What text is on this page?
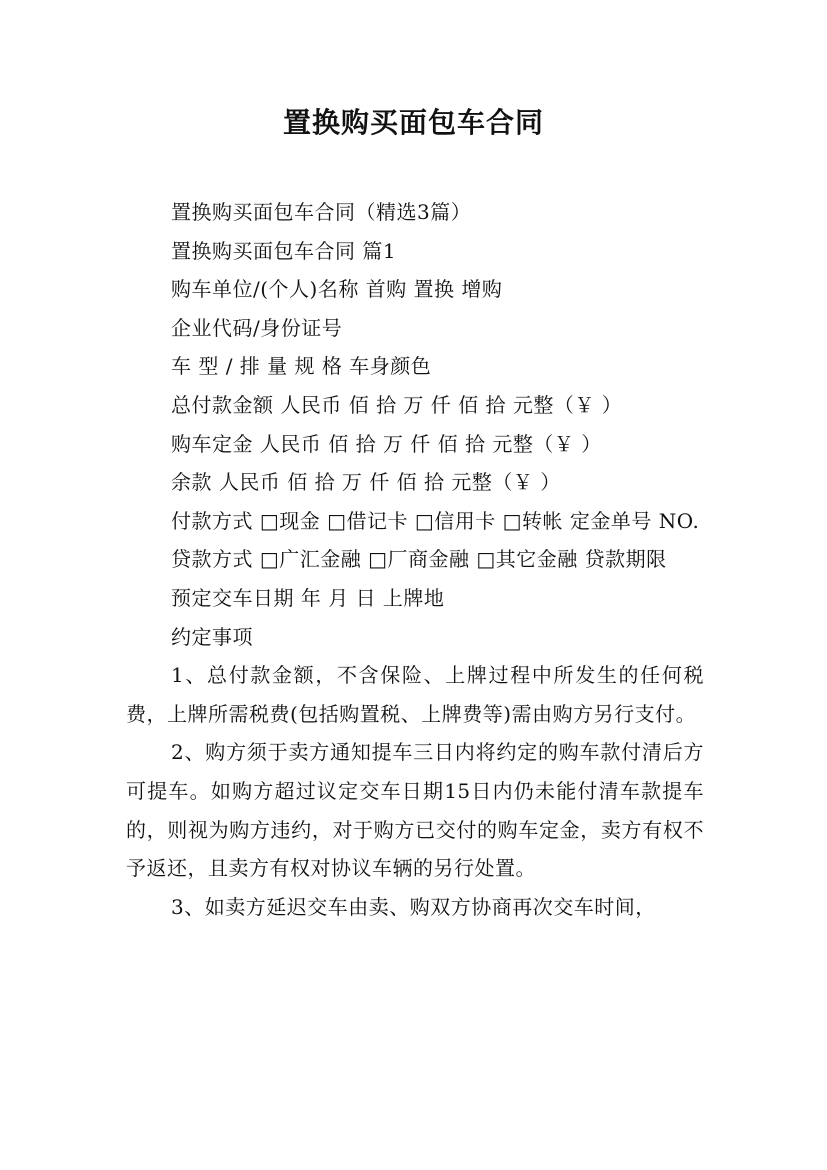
置换购买面包车合同

置换购买面包车合同（精选3篇）

置换购买面包车合同 篇1

购车单位/(个人)名称 首购 置换 增购

企业代码/身份证号

车 型 / 排 量 规 格 车身颜色

总付款金额 人民币 佰 拾 万 仟 佰 拾 元整（￥ ）

购车定金 人民币 佰 拾 万 仟 佰 拾 元整（￥ ）

余款 人民币 佰 拾 万 仟 佰 拾 元整（￥ ）

付款方式 □现金 □借记卡 □信用卡 □转帐 定金单号 NO.

贷款方式 □广汇金融 □厂商金融 □其它金融 贷款期限

预定交车日期 年 月 日 上牌地

约定事项

1、总付款金额，不含保险、上牌过程中所发生的任何税费，上牌所需税费(包括购置税、上牌费等)需由购方另行支付。

2、购方须于卖方通知提车三日内将约定的购车款付清后方可提车。如购方超过议定交车日期15日内仍未能付清车款提车的，则视为购方违约，对于购方已交付的购车定金，卖方有权不予返还，且卖方有权对协议车辆的另行处置。

3、如卖方延迟交车由卖、购双方协商再次交车时间，
